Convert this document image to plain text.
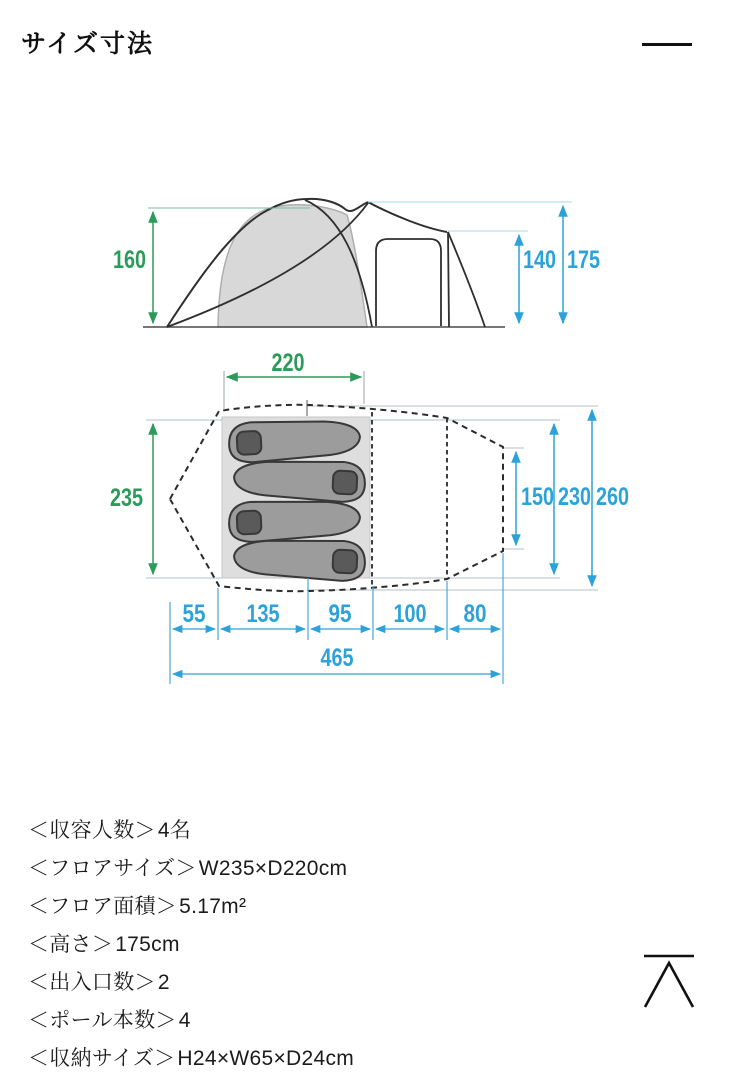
サイズ寸法
160	140 175
220
235	150 230 260
55 135 95 100 80
465
＜収容人数＞4名
＜フロアサイズ＞W235×D220cm
＜フロア面積＞5.17m²
＜高さ＞175cm
＜出入口数＞2
＜ポール本数＞4
＜収納サイズ＞H24×W65×D24cm
